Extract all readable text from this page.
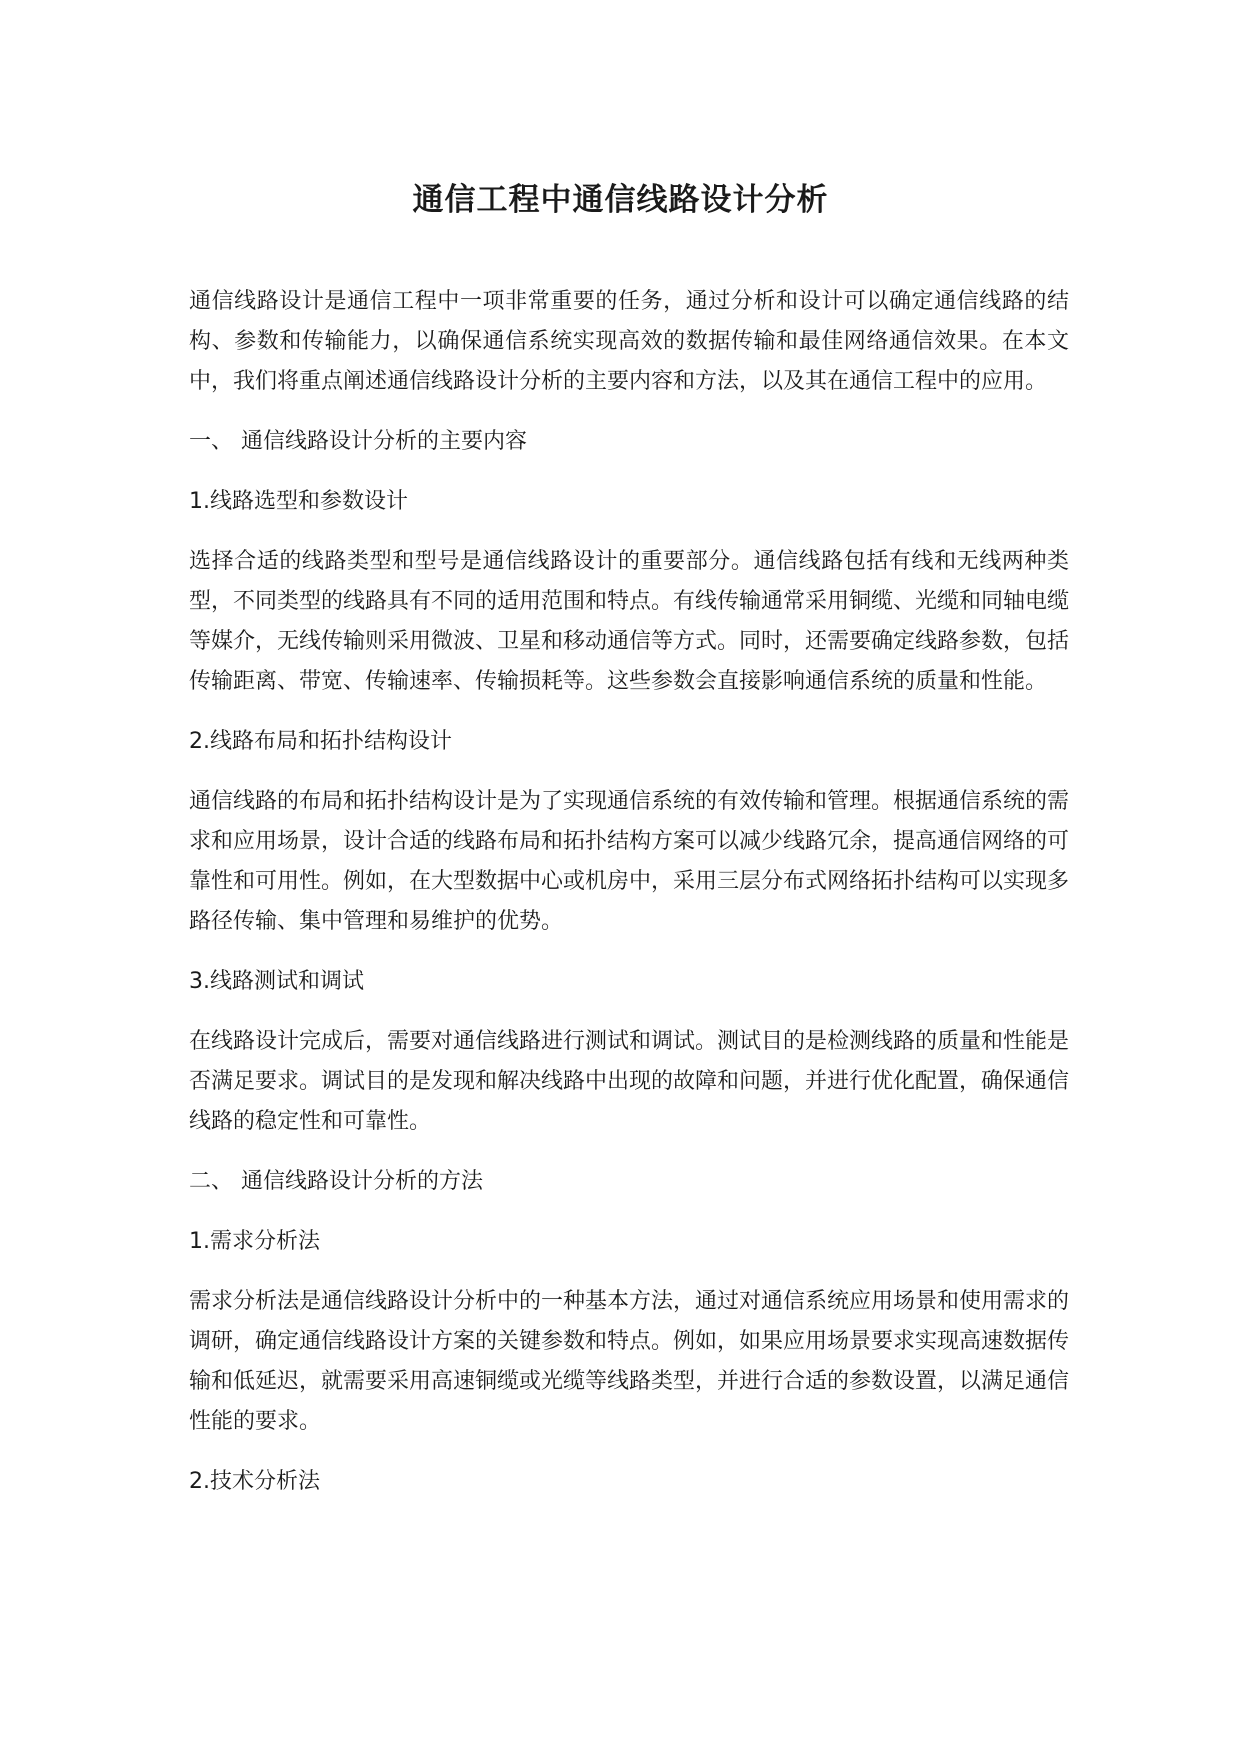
通信工程中通信线路设计分析

通信线路设计是通信工程中一项非常重要的任务，通过分析和设计可以确定通信线路的结构、参数和传输能力，以确保通信系统实现高效的数据传输和最佳网络通信效果。在本文中，我们将重点阐述通信线路设计分析的主要内容和方法，以及其在通信工程中的应用。

一、 通信线路设计分析的主要内容

1.线路选型和参数设计

选择合适的线路类型和型号是通信线路设计的重要部分。通信线路包括有线和无线两种类型，不同类型的线路具有不同的适用范围和特点。有线传输通常采用铜缆、光缆和同轴电缆等媒介，无线传输则采用微波、卫星和移动通信等方式。同时，还需要确定线路参数，包括传输距离、带宽、传输速率、传输损耗等。这些参数会直接影响通信系统的质量和性能。

2.线路布局和拓扑结构设计

通信线路的布局和拓扑结构设计是为了实现通信系统的有效传输和管理。根据通信系统的需求和应用场景，设计合适的线路布局和拓扑结构方案可以减少线路冗余，提高通信网络的可靠性和可用性。例如，在大型数据中心或机房中，采用三层分布式网络拓扑结构可以实现多路径传输、集中管理和易维护的优势。

3.线路测试和调试

在线路设计完成后，需要对通信线路进行测试和调试。测试目的是检测线路的质量和性能是否满足要求。调试目的是发现和解决线路中出现的故障和问题，并进行优化配置，确保通信线路的稳定性和可靠性。

二、 通信线路设计分析的方法

1.需求分析法

需求分析法是通信线路设计分析中的一种基本方法，通过对通信系统应用场景和使用需求的调研，确定通信线路设计方案的关键参数和特点。例如，如果应用场景要求实现高速数据传输和低延迟，就需要采用高速铜缆或光缆等线路类型，并进行合适的参数设置，以满足通信性能的要求。

2.技术分析法
